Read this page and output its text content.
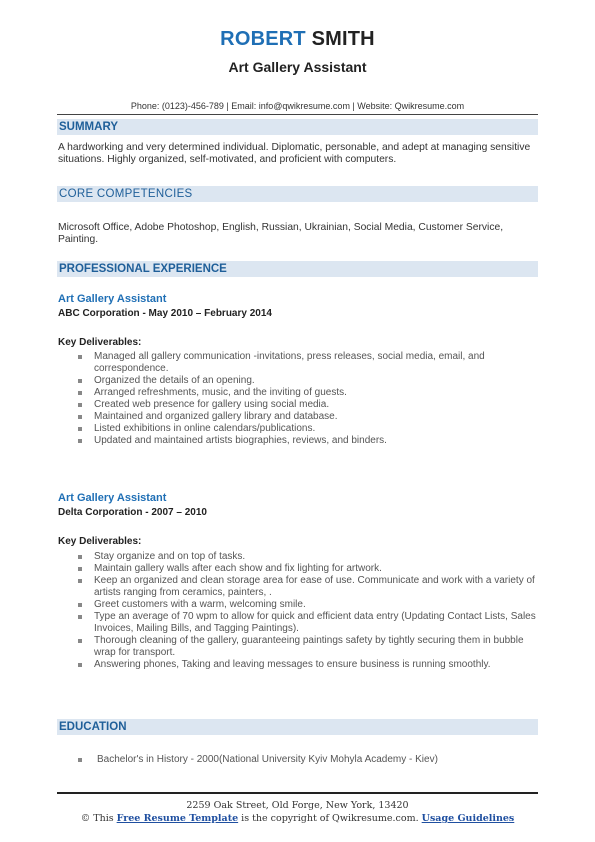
ROBERT SMITH
Art Gallery Assistant
Phone: (0123)-456-789 | Email: info@qwikresume.com | Website: Qwikresume.com
SUMMARY
A hardworking and very determined individual. Diplomatic, personable, and adept at managing sensitive situations. Highly organized, self-motivated, and proficient with computers.
CORE COMPETENCIES
Microsoft Office, Adobe Photoshop, English, Russian, Ukrainian, Social Media, Customer Service, Painting.
PROFESSIONAL EXPERIENCE
Art Gallery Assistant
ABC Corporation - May 2010 – February 2014
Key Deliverables:
Managed all gallery communication -invitations, press releases, social media, email, and correspondence.
Organized the details of an opening.
Arranged refreshments, music, and the inviting of guests.
Created web presence for gallery using social media.
Maintained and organized gallery library and database.
Listed exhibitions in online calendars/publications.
Updated and maintained artists biographies, reviews, and binders.
Art Gallery Assistant
Delta Corporation - 2007 – 2010
Key Deliverables:
Stay organize and on top of tasks.
Maintain gallery walls after each show and fix lighting for artwork.
Keep an organized and clean storage area for ease of use. Communicate and work with a variety of artists ranging from ceramics, painters, .
Greet customers with a warm, welcoming smile.
Type an average of 70 wpm to allow for quick and efficient data entry (Updating Contact Lists, Sales Invoices, Mailing Bills, and Tagging Paintings).
Thorough cleaning of the gallery, guaranteeing paintings safety by tightly securing them in bubble wrap for transport.
Answering phones, Taking and leaving messages to ensure business is running smoothly.
EDUCATION
Bachelor's in History - 2000(National University Kyiv Mohyla Academy - Kiev)
2259 Oak Street, Old Forge, New York, 13420
© This Free Resume Template is the copyright of Qwikresume.com. Usage Guidelines
